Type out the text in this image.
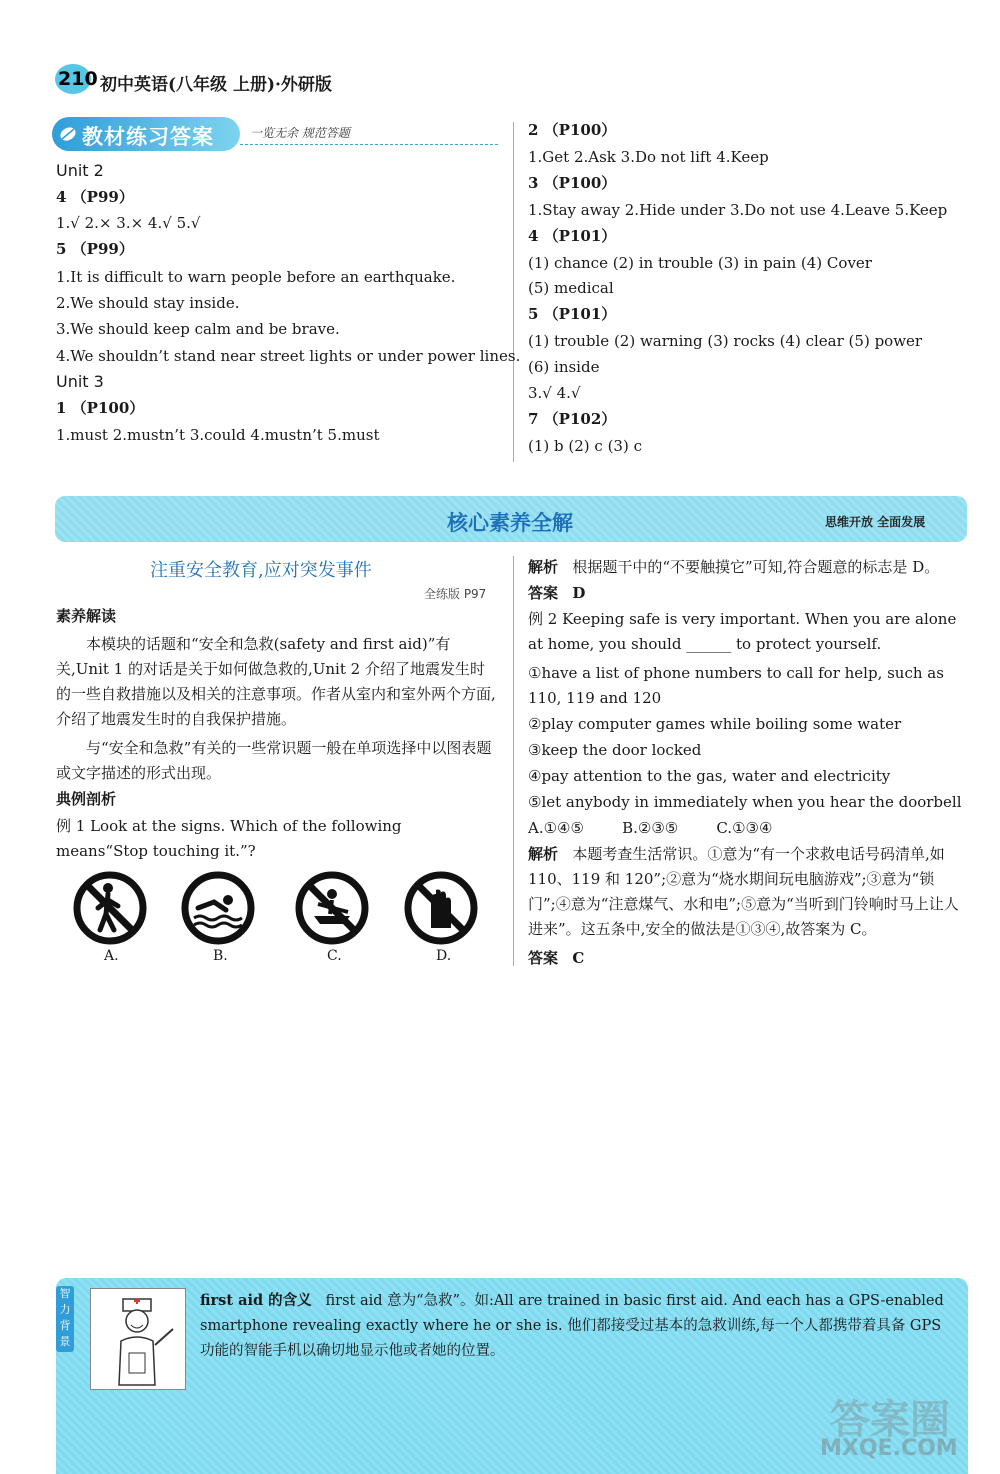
210 初中英语(八年级 上册)·外研版
教材练习答案	一览无余 规范答题
Unit 2
4 （P99）
1.√ 2.× 3.× 4.√ 5.√
5 （P99）
1.It is difficult to warn people before an earthquake.
2.We should stay inside.
3.We should keep calm and be brave.
4.We shouldn’t stand near street lights or under power lines.
Unit 3
1 （P100）
1.must 2.mustn’t 3.could 4.mustn’t 5.must
2 （P100）
1.Get 2.Ask 3.Do not lift 4.Keep
3 （P100）
1.Stay away 2.Hide under 3.Do not use 4.Leave 5.Keep
4 （P101）
(1) chance (2) in trouble (3) in pain (4) Cover
(5) medical
5 （P101）
(1) trouble (2) warning (3) rocks (4) clear (5) power
(6) inside
3.√ 4.√
7 （P102）
(1) b (2) c (3) c
核心素养全解	思维开放 全面发展
注重安全教育,应对突发事件
全练版 P97
素养解读
本模块的话题和“安全和急救(safety and first aid)”有关,Unit 1 的对话是关于如何做急救的,Unit 2 介绍了地震发生时的一些自救措施以及相关的注意事项。作者从室内和室外两个方面,介绍了地震发生时的自我保护措施。
与“安全和急救”有关的一些常识题一般在单项选择中以图表题或文字描述的形式出现。
典例剖析
例 1 Look at the signs. Which of the following means“Stop touching it.”?
A.	B.	C.	D.
解析 根据题干中的“不要触摸它”可知,符合题意的标志是 D。
答案 D
例 2 Keeping safe is very important. When you are alone at home, you should ______ to protect yourself.
①have a list of phone numbers to call for help, such as 110, 119 and 120
②play computer games while boiling some water
③keep the door locked
④pay attention to the gas, water and electricity
⑤let anybody in immediately when you hear the doorbell
A.①④⑤        B.②③⑤        C.①③④
解析 本题考查生活常识。①意为“有一个求救电话号码清单,如 110、119 和 120”;②意为“烧水期间玩电脑游戏”;③意为“锁门”;④意为“注意煤气、水和电”;⑤意为“当听到门铃响时马上让人进来”。这五条中,安全的做法是①③④,故答案为 C。
答案 C
智力背景
first aid 的含义 first aid 意为“急救”。如:All are trained in basic first aid. And each has a GPS-enabled smartphone revealing exactly where he or she is. 他们都接受过基本的急救训练,每一个人都携带着具备 GPS 功能的智能手机以确切地显示他或者她的位置。
答案圈
MXQE.COM
